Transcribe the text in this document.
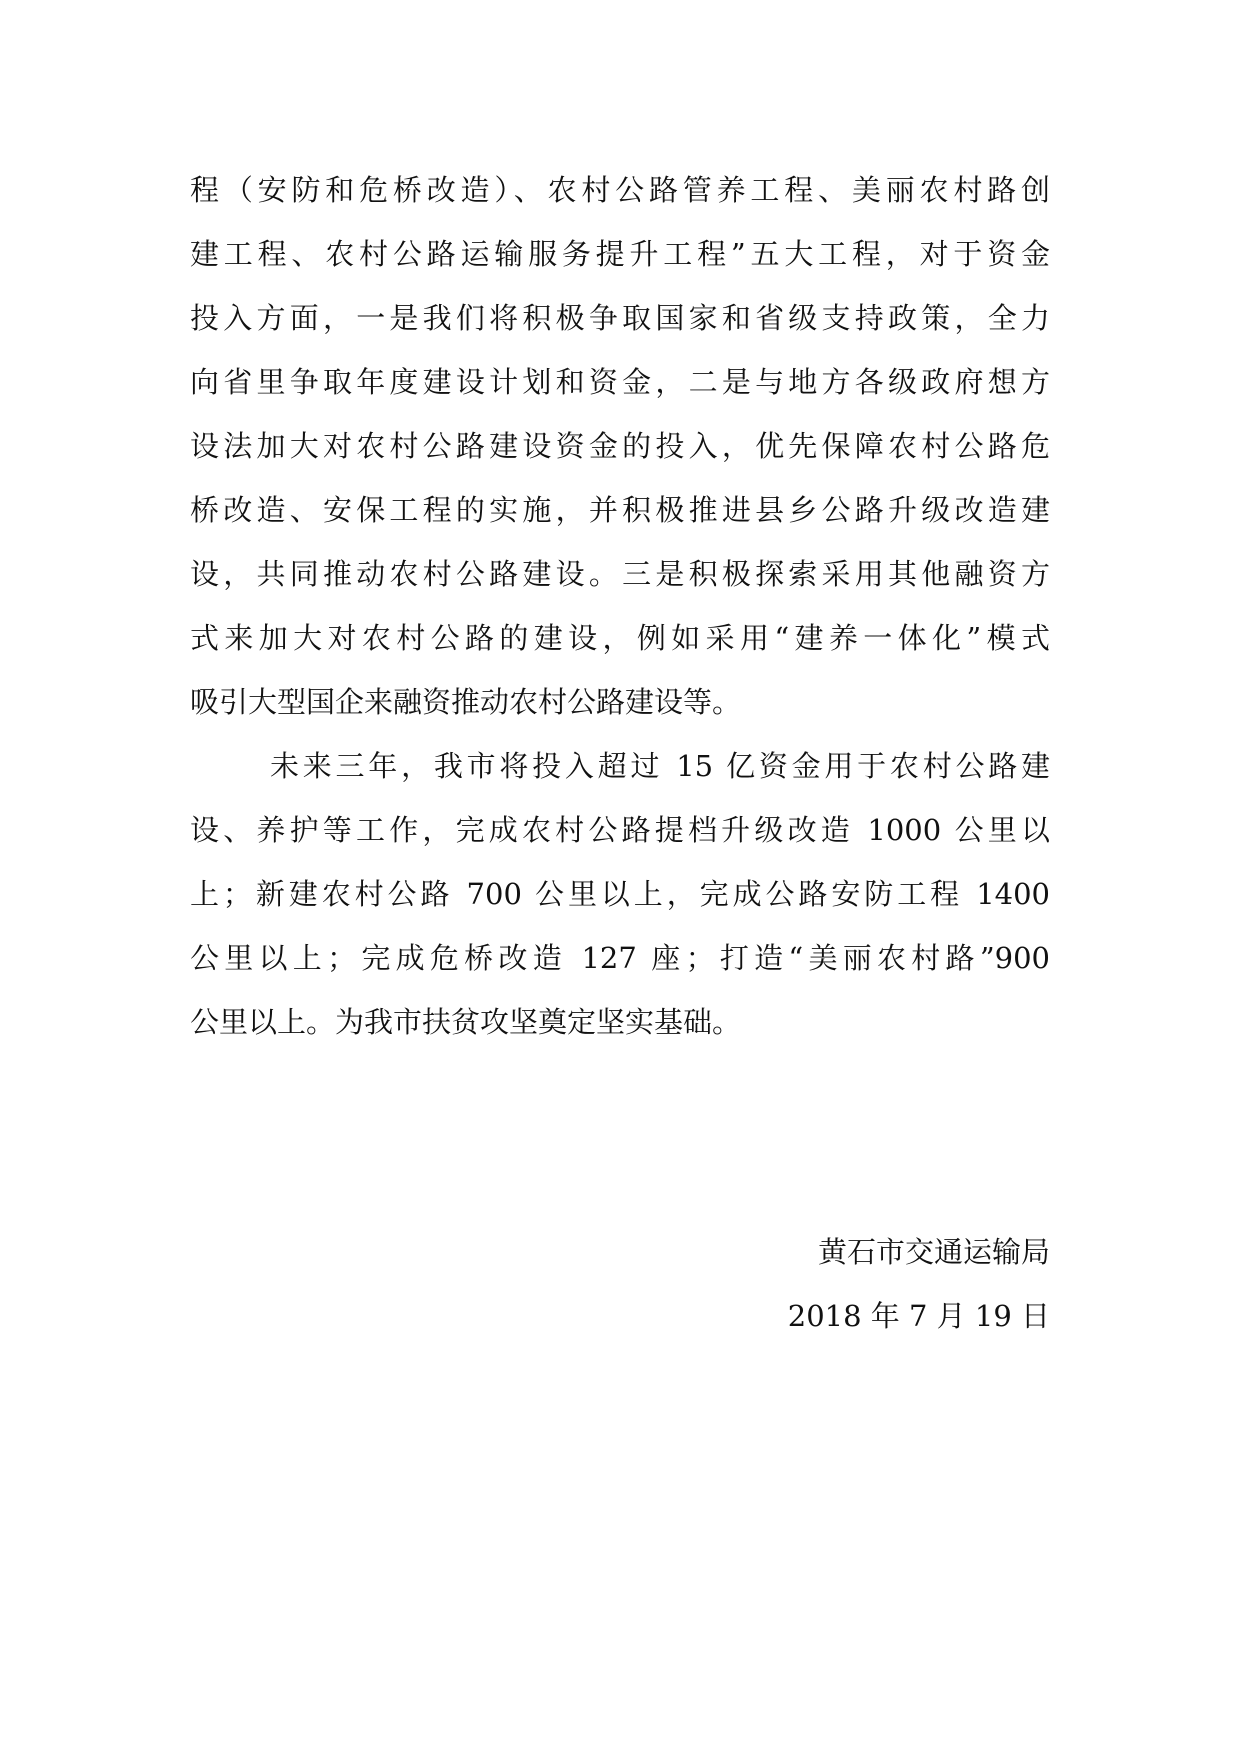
程（安防和危桥改造）、农村公路管养工程、美丽农村路创
建工程、农村公路运输服务提升工程”五大工程，对于资金
投入方面，一是我们将积极争取国家和省级支持政策，全力
向省里争取年度建设计划和资金，二是与地方各级政府想方
设法加大对农村公路建设资金的投入，优先保障农村公路危
桥改造、安保工程的实施，并积极推进县乡公路升级改造建
设，共同推动农村公路建设。三是积极探索采用其他融资方
式来加大对农村公路的建设，例如采用“建养一体化”模式
吸引大型国企来融资推动农村公路建设等。
未来三年，我市将投入超过 15 亿资金用于农村公路建
设、养护等工作，完成农村公路提档升级改造 1000 公里以
上；新建农村公路 700 公里以上，完成公路安防工程 1400
公里以上；完成危桥改造 127 座；打造“美丽农村路”900
公里以上。为我市扶贫攻坚奠定坚实基础。
黄石市交通运输局
2018 年 7 月 19 日
